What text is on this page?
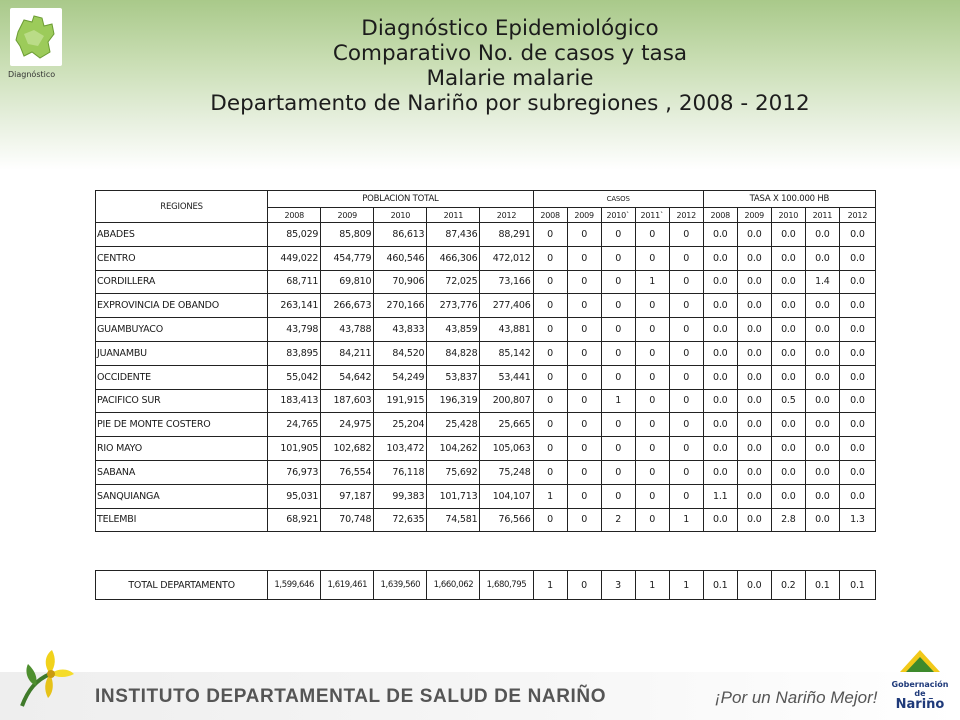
Diagnóstico
Diagnóstico Epidemiológico
Comparativo No. de casos y tasa
Malarie malarie
Departamento de Nariño por subregiones , 2008 - 2012
REGIONES	POBLACION TOTAL					CASOS					TASA X 100.000 HB				
	2008	2009	2010	2011	2012	2008	2009	2010`	2011`	2012	2008	2009	2010	2011	2012
ABADES	85,029	85,809	86,613	87,436	88,291	0	0	0	0	0	0.0	0.0	0.0	0.0	0.0
CENTRO	449,022	454,779	460,546	466,306	472,012	0	0	0	0	0	0.0	0.0	0.0	0.0	0.0
CORDILLERA	68,711	69,810	70,906	72,025	73,166	0	0	0	1	0	0.0	0.0	0.0	1.4	0.0
EXPROVINCIA DE OBANDO	263,141	266,673	270,166	273,776	277,406	0	0	0	0	0	0.0	0.0	0.0	0.0	0.0
GUAMBUYACO	43,798	43,788	43,833	43,859	43,881	0	0	0	0	0	0.0	0.0	0.0	0.0	0.0
JUANAMBU	83,895	84,211	84,520	84,828	85,142	0	0	0	0	0	0.0	0.0	0.0	0.0	0.0
OCCIDENTE	55,042	54,642	54,249	53,837	53,441	0	0	0	0	0	0.0	0.0	0.0	0.0	0.0
PACIFICO SUR	183,413	187,603	191,915	196,319	200,807	0	0	1	0	0	0.0	0.0	0.5	0.0	0.0
PIE DE MONTE COSTERO	24,765	24,975	25,204	25,428	25,665	0	0	0	0	0	0.0	0.0	0.0	0.0	0.0
RIO MAYO	101,905	102,682	103,472	104,262	105,063	0	0	0	0	0	0.0	0.0	0.0	0.0	0.0
SABANA	76,973	76,554	76,118	75,692	75,248	0	0	0	0	0	0.0	0.0	0.0	0.0	0.0
SANQUIANGA	95,031	97,187	99,383	101,713	104,107	1	0	0	0	0	1.1	0.0	0.0	0.0	0.0
TELEMBI	68,921	70,748	72,635	74,581	76,566	0	0	2	0	1	0.0	0.0	2.8	0.0	1.3
TOTAL DEPARTAMENTO	1,599,646	1,619,461	1,639,560	1,660,062	1,680,795	1	0	3	1	1	0.1	0.0	0.2	0.1	0.1
INSTITUTO DEPARTAMENTAL DE SALUD DE NARIÑO	¡Por un Nariño Mejor!
Gobernación de
Nariño
